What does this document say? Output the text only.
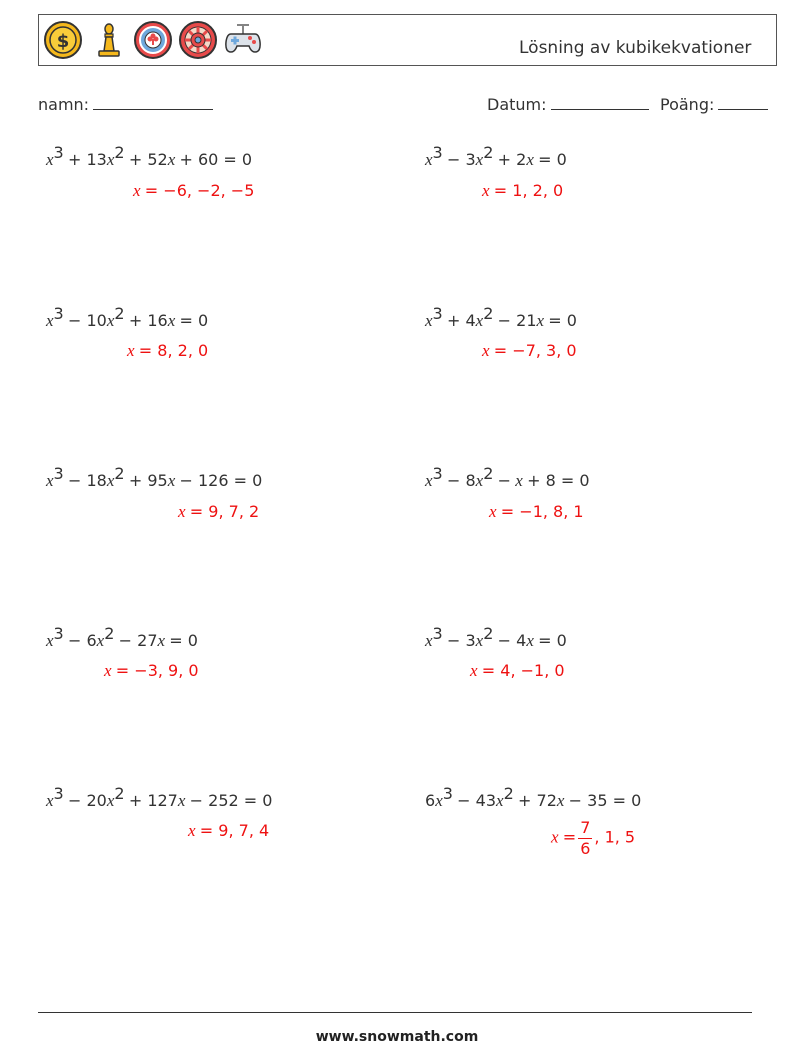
$	Lösning av kubikekvationer
namn:	Datum:	Poäng:
$x^3 + 13x^2 + 52x + 60 = 0$
x = −6, −2, −5
$x^3 - 3x^2 + 2x = 0$
x = 1, 2, 0
$x^3 - 10x^2 + 16x = 0$
x = 8, 2, 0
$x^3 + 4x^2 - 21x = 0$
x = −7, 3, 0
$x^3 - 18x^2 + 95x - 126 = 0$
x = 9, 7, 2
$x^3 - 8x^2 - x + 8 = 0$
x = −1, 8, 1
$x^3 - 6x^2 - 27x = 0$
x = −3, 9, 0
$x^3 - 3x^2 - 4x = 0$
x = 4, −1, 0
$x^3 - 20x^2 + 127x - 252 = 0$
x = 9, 7, 4
$6x^3 - 43x^2 + 72x - 35 = 0$
$x = \frac{7}{6}$ , 1, 5
www.snowmath.com
